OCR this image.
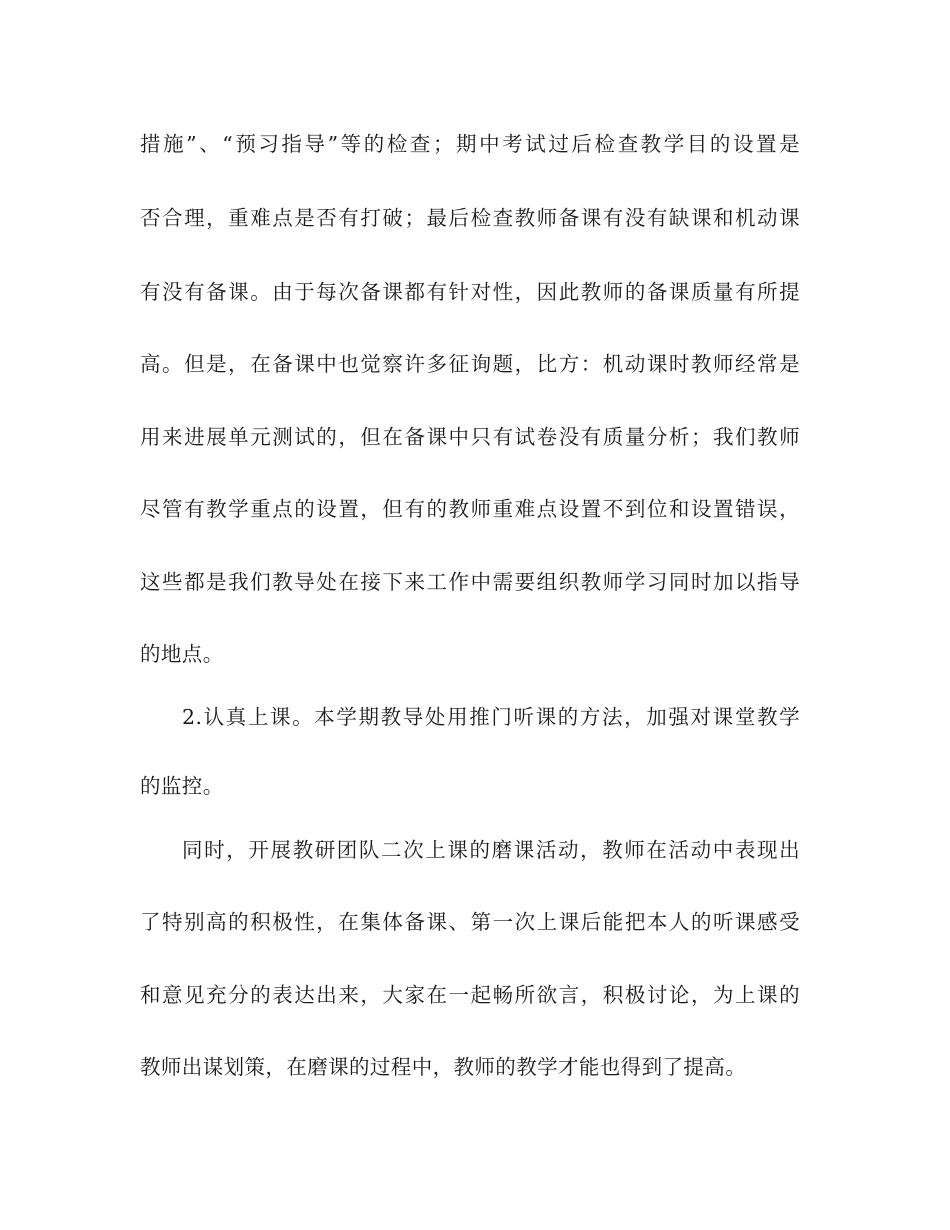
措施”、“预习指导”等的检查；期中考试过后检查教学目的设置是
否合理，重难点是否有打破；最后检查教师备课有没有缺课和机动课
有没有备课。由于每次备课都有针对性，因此教师的备课质量有所提
高。但是，在备课中也觉察许多征询题，比方：机动课时教师经常是
用来进展单元测试的，但在备课中只有试卷没有质量分析；我们教师
尽管有教学重点的设置，但有的教师重难点设置不到位和设置错误，
这些都是我们教导处在接下来工作中需要组织教师学习同时加以指导
的地点。
2.认真上课。本学期教导处用推门听课的方法，加强对课堂教学
的监控。
同时，开展教研团队二次上课的磨课活动，教师在活动中表现出
了特别高的积极性，在集体备课、第一次上课后能把本人的听课感受
和意见充分的表达出来，大家在一起畅所欲言，积极讨论，为上课的
教师出谋划策，在磨课的过程中，教师的教学才能也得到了提高。
